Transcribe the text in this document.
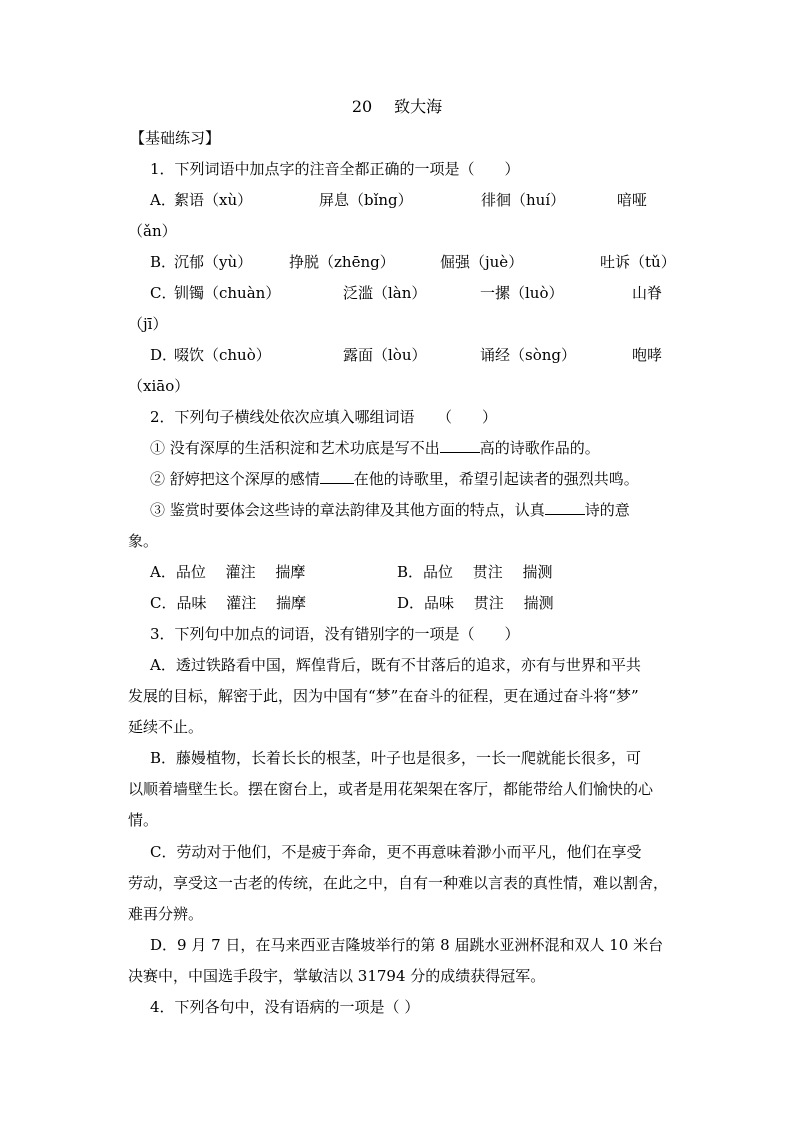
20 致大海
【基础练习】
1．下列词语中加点字的注音全都正确的一项是（　　）
A．
絮语（xù）	屏息（bǐng）	徘徊（huí）	喑哑
（ǎn）
B．
沉郁（yù） 挣脱（zhēng）	倔强（juè）	吐诉（tǔ）
C．
钏镯（chuàn）	泛滥（làn）	一摞（luò）	山脊
（jī）
D．
啜饮（chuò）	露面（lòu）	诵经（sòng）	咆哮
（xiāo）
2．下列句子横线处依次应填入哪组词语　　（　　）
① 没有深厚的生活积淀和艺术功底是写不出	高的诗歌作品的。
② 舒婷把这个深厚的感情 在他的诗歌里，希望引起读者的强烈共鸣。
③ 鉴赏时要体会这些诗的章法韵律及其他方面的特点，认真	诗的意
象。
A．品位　 灌注　 揣摩	B．品位　 贯注　 揣测
C．品味　 灌注　 揣摩	D．品味　 贯注　 揣测
3．下列句中加点的词语，没有错别字的一项是（　　）
A．透过铁路看中国，辉偟背后，既有不甘落后的追求，亦有与世界和平共
发展的目标，解密于此，因为中国有“梦”在奋斗的征程，更在通过奋斗将“梦”
延续不止。
B．藤嫚植物，长着长长的根茎，叶子也是很多，一长一爬就能长很多，可
以顺着墙壁生长。摆在窗台上，或者是用花架架在客厅，都能带给人们愉快的心
情。
C．劳动对于他们，不是疲于奔命，更不再意味着渺小而平凡，他们在享受
劳动，享受这一古老的传统，在此之中，自有一种难以言表的真性情，难以割舍，
难再分辨。
D．9 月 7 日，在马来西亚吉隆坡举行的第 8 届跳水亚洲杯混和双人 10 米台
决赛中，中国选手段宇，掌敏洁以 31794 分的成绩获得冠军。
4．下列各句中，没有语病的一项是（ ）
